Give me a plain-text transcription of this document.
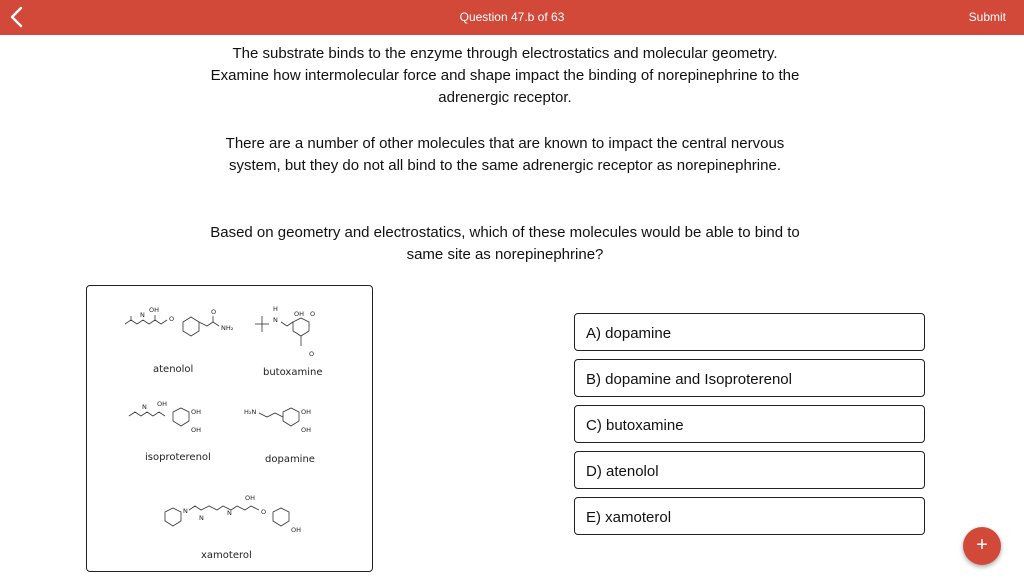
Question 47.b of 63	Submit
The substrate binds to the enzyme through electrostatics and molecular geometry. Examine how intermolecular force and shape impact the binding of norepinephrine to the adrenergic receptor.
There are a number of other molecules that are known to impact the central nervous system, but they do not all bind to the same adrenergic receptor as norepinephrine.
Based on geometry and electrostatics, which of these molecules would be able to bind to same site as norepinephrine?
N
OH
O
NH₂
O
atenolol
N
H
OH O
O
butoxamine
N OH
OH
OH
isoproterenol
H₂N	OH
OH
dopamine
N
N
N
OH
O
OH
xamoterol
A) dopamine
B) dopamine and Isoproterenol
C) butoxamine
D) atenolol
E) xamoterol
+
